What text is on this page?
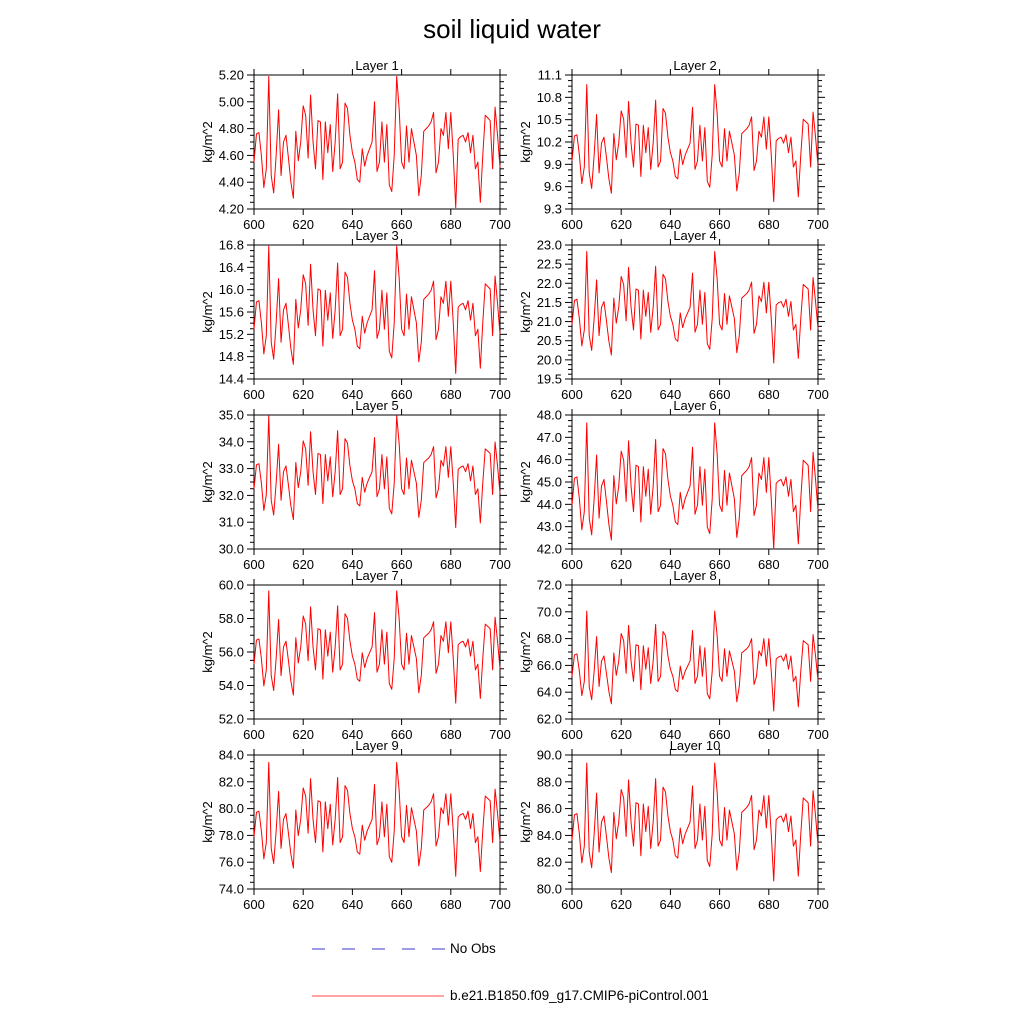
soil liquid water
Layer 1
kg/m^2
4.20
4.40
4.60
4.80
5.00
5.20
600 620 640 660 680 700
Layer 2
kg/m^2
9.3
9.6
9.9
10.2
10.5
10.8
11.1
600 620 640 660 680 700
Layer 3
kg/m^2
14.4
14.8
15.2
15.6
16.0
16.4
16.8
600 620 640 660 680 700
Layer 4
kg/m^2
19.5
20.0
20.5
21.0
21.5
22.0
22.5
23.0
600 620 640 660 680 700
Layer 5
kg/m^2
30.0
31.0
32.0
33.0
34.0
35.0
600 620 640 660 680 700
Layer 6
kg/m^2
42.0
43.0
44.0
45.0
46.0
47.0
48.0
600 620 640 660 680 700
Layer 7
kg/m^2
52.0
54.0
56.0
58.0
60.0
600 620 640 660 680 700
Layer 8
kg/m^2
62.0
64.0
66.0
68.0
70.0
72.0
600 620 640 660 680 700
Layer 9
kg/m^2
74.0
76.0
78.0
80.0
82.0
84.0
600 620 640 660 680 700
Layer 10
kg/m^2
80.0
82.0
84.0
86.0
88.0
90.0
600 620 640 660 680 700
No Obs
b.e21.B1850.f09_g17.CMIP6-piControl.001
